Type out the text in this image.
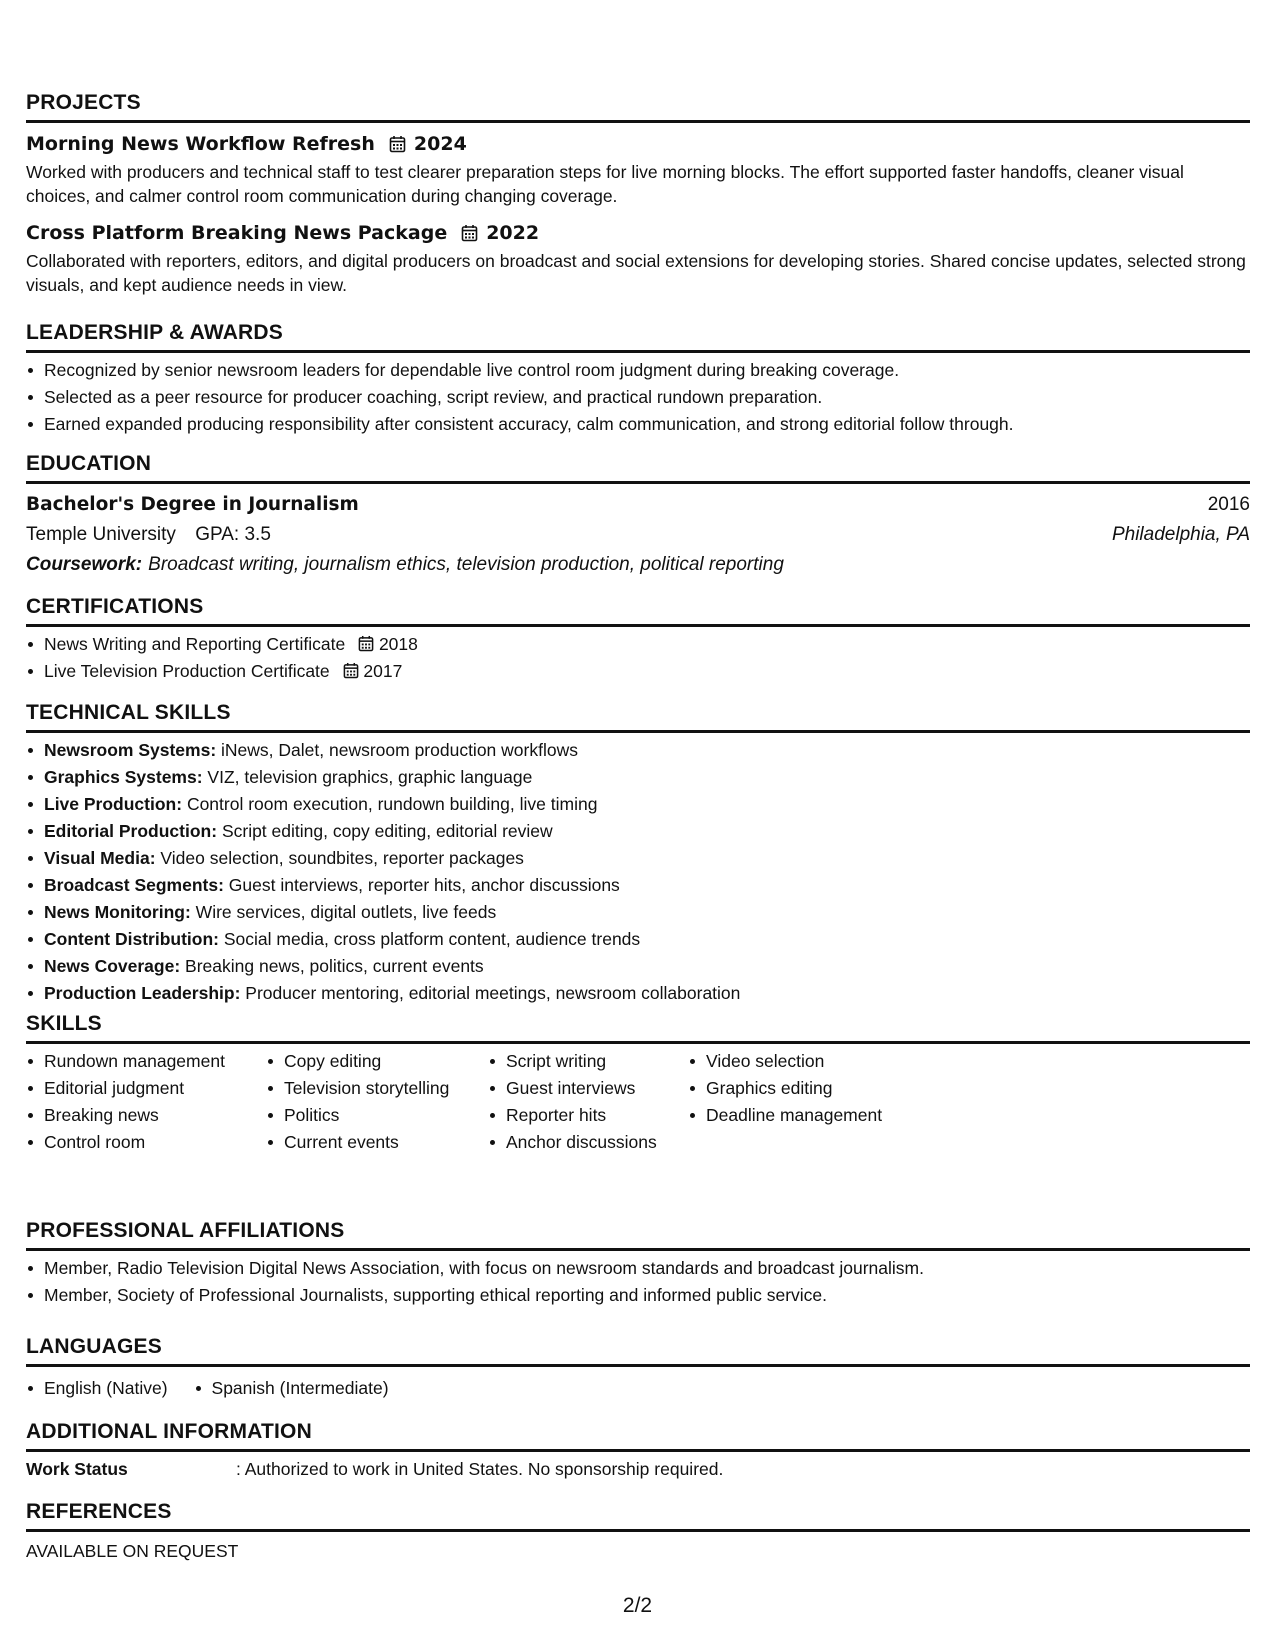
PROJECTS
Morning News Workflow Refresh 2024
Worked with producers and technical staff to test clearer preparation steps for live morning blocks. The effort supported faster handoffs, cleaner visual choices, and calmer control room communication during changing coverage.
Cross Platform Breaking News Package 2022
Collaborated with reporters, editors, and digital producers on broadcast and social extensions for developing stories. Shared concise updates, selected strong visuals, and kept audience needs in view.
LEADERSHIP & AWARDS
Recognized by senior newsroom leaders for dependable live control room judgment during breaking coverage.
Selected as a peer resource for producer coaching, script review, and practical rundown preparation.
Earned expanded producing responsibility after consistent accuracy, calm communication, and strong editorial follow through.
EDUCATION
Bachelor's Degree in Journalism	2016
Temple University GPA: 3.5	Philadelphia, PA
Coursework: Broadcast writing, journalism ethics, television production, political reporting
CERTIFICATIONS
News Writing and Reporting Certificate 2018
Live Television Production Certificate 2017
TECHNICAL SKILLS
Newsroom Systems: iNews, Dalet, newsroom production workflows
Graphics Systems: VIZ, television graphics, graphic language
Live Production: Control room execution, rundown building, live timing
Editorial Production: Script editing, copy editing, editorial review
Visual Media: Video selection, soundbites, reporter packages
Broadcast Segments: Guest interviews, reporter hits, anchor discussions
News Monitoring: Wire services, digital outlets, live feeds
Content Distribution: Social media, cross platform content, audience trends
News Coverage: Breaking news, politics, current events
Production Leadership: Producer mentoring, editorial meetings, newsroom collaboration
SKILLS
Rundown management
Editorial judgment
Breaking news
Control room
Copy editing
Television storytelling
Politics
Current events
Script writing
Guest interviews
Reporter hits
Anchor discussions
Video selection
Graphics editing
Deadline management
PROFESSIONAL AFFILIATIONS
Member, Radio Television Digital News Association, with focus on newsroom standards and broadcast journalism.
Member, Society of Professional Journalists, supporting ethical reporting and informed public service.
LANGUAGES
English (Native)	Spanish (Intermediate)
ADDITIONAL INFORMATION
Work Status	: Authorized to work in United States. No sponsorship required.
REFERENCES
AVAILABLE ON REQUEST
2/2
